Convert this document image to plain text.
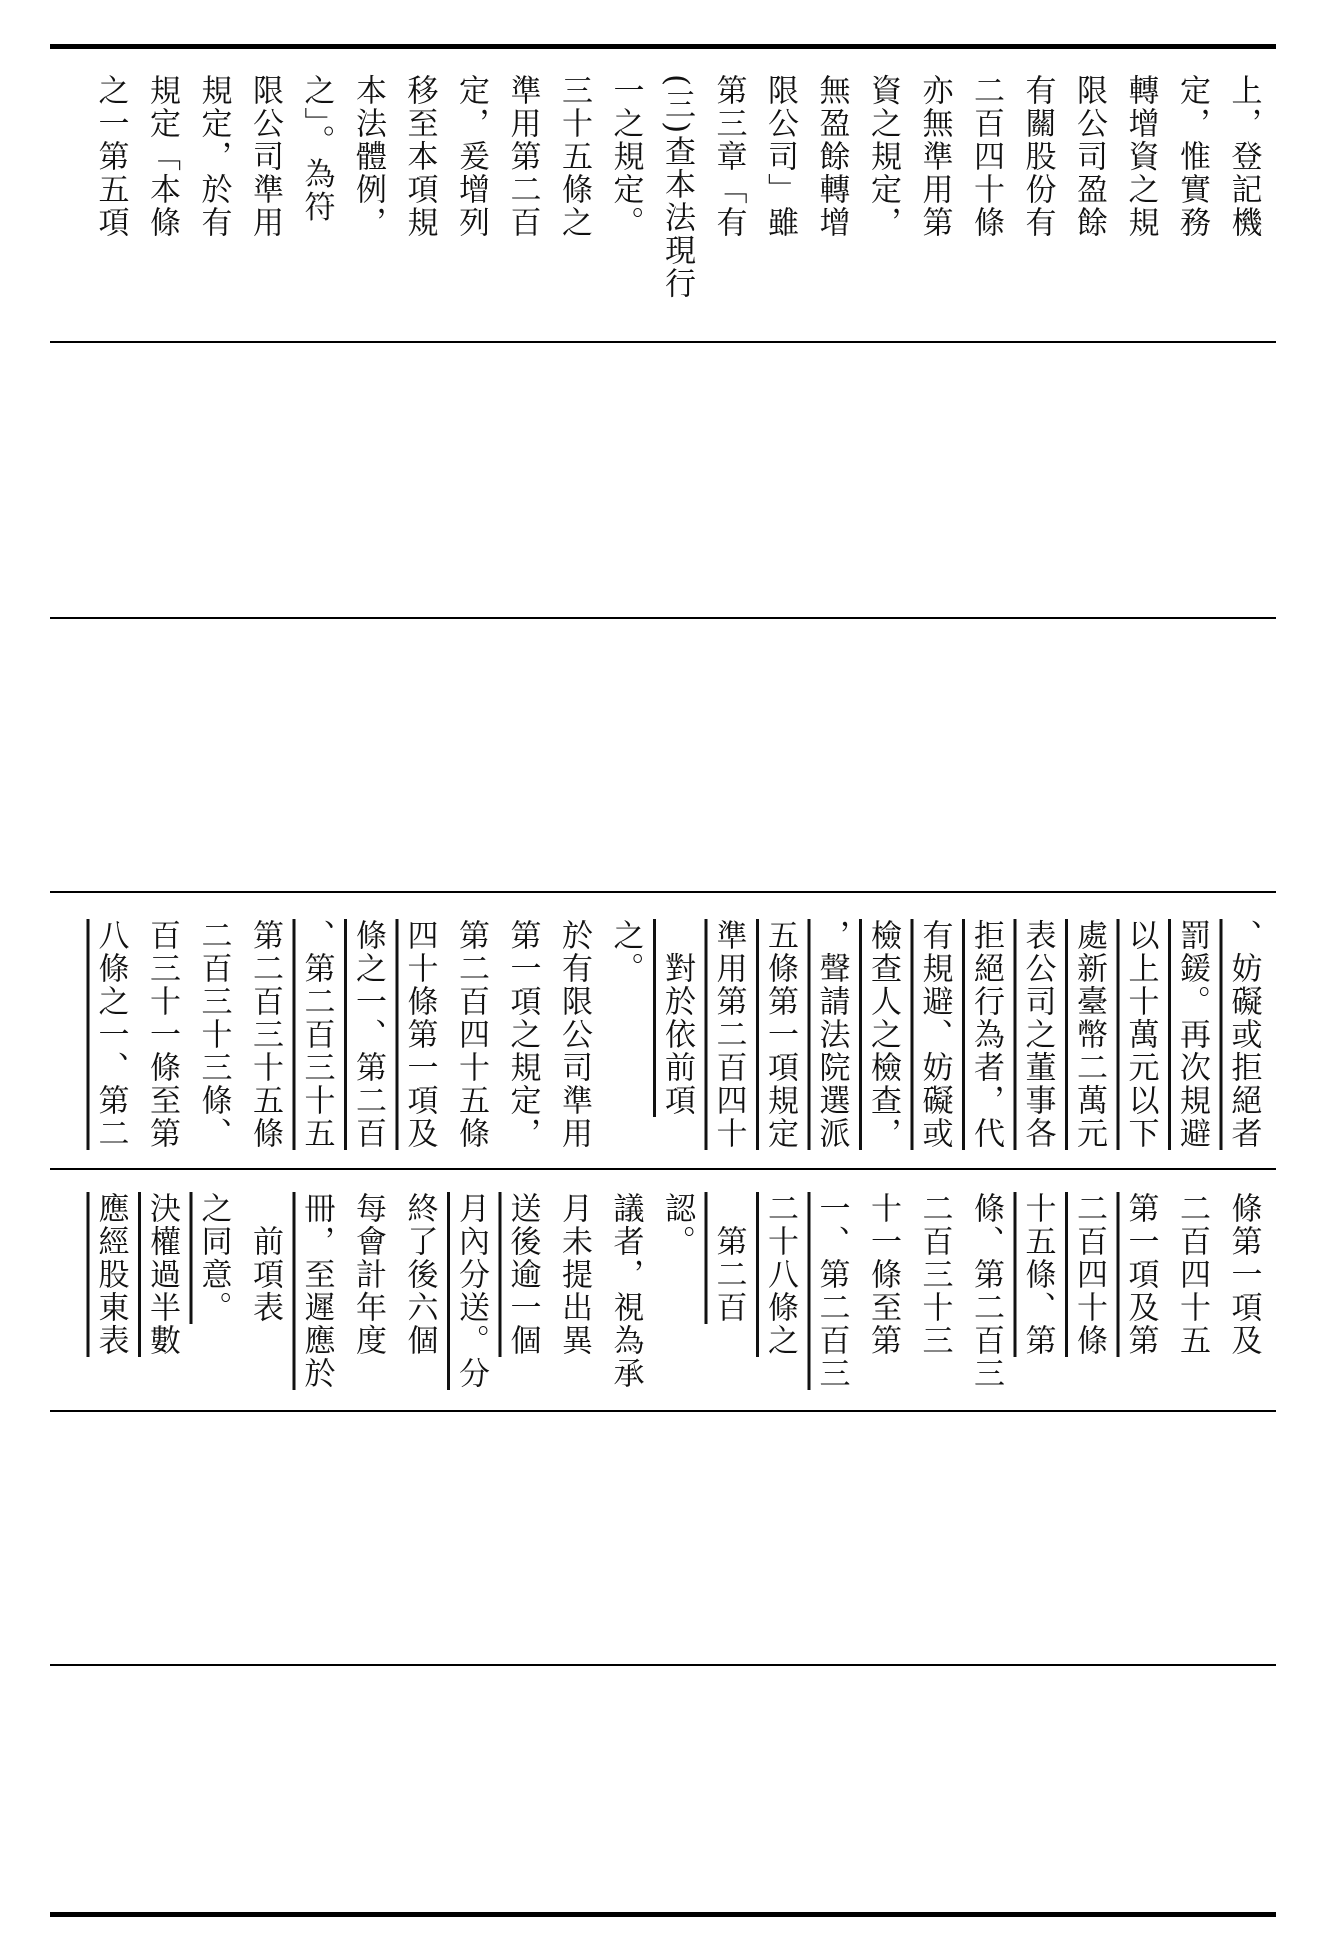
之一第五項 規定「本條 規定，於有 限公司準用 之」。為符 本法體例， 移至本項規 定，爰增列 準用第二百 三十五條之 一之規定。 (三)查本法現行 第三章「有 限公司」雖 無盈餘轉增 資之規定， 亦無準用第 二百四十條 有關股份有 限公司盈餘 轉增資之規 定，惟實務 上，登記機
八條之一、第二 百三十一條至第 二百三十三條、 第二百三十五條 、第二百三十五 條之一、第二百 四十條第一項及 第二百四十五條 第一項之規定， 於有限公司準用 之。 　對於依前項 準用第二百四十 五條第一項規定 ，聲請法院選派 檢查人之檢查， 有規避、妨礙或 拒絕行為者，代 表公司之董事各 處新臺幣二萬元 以上十萬元以下 罰鍰。再次規避 、妨礙或拒絕者
應經股東表 決權過半數 之同意。 　前項表 冊，至遲應於 每會計年度 終了後六個 月內分送。分 送後逾一個 月未提出異 議者，視為承 認。 　第二百 二十八條之 一、第二百三 十一條至第 二百三十三 條、第二百三 十五條、第 二百四十條 第一項及第 二百四十五 條第一項及
